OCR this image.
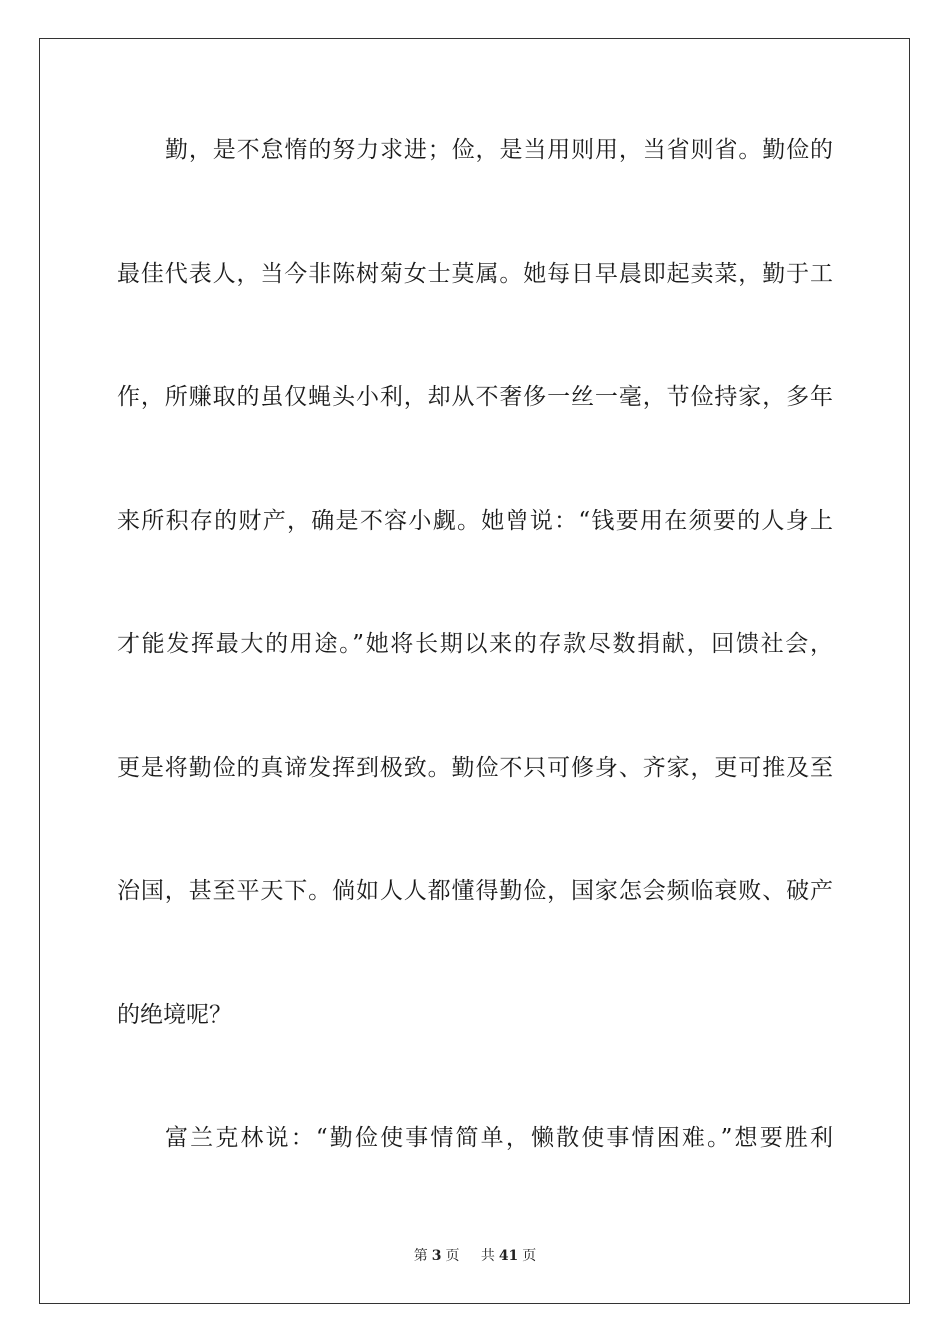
勤，是不怠惰的努力求进；俭，是当用则用，当省则省。勤俭的
最佳代表人，当今非陈树菊女士莫属。她每日早晨即起卖菜，勤于工
作，所赚取的虽仅蝇头小利，却从不奢侈一丝一毫，节俭持家，多年
来所积存的财产，确是不容小觑。她曾说：“钱要用在须要的人身上
才能发挥最大的用途。”她将长期以来的存款尽数捐献，回馈社会，
更是将勤俭的真谛发挥到极致。勤俭不只可修身、齐家，更可推及至
治国，甚至平天下。倘如人人都懂得勤俭，国家怎会频临衰败、破产
的绝境呢？
富兰克林说：“勤俭使事情简单，懒散使事情困难。”想要胜利
第 3 页 共 41 页
